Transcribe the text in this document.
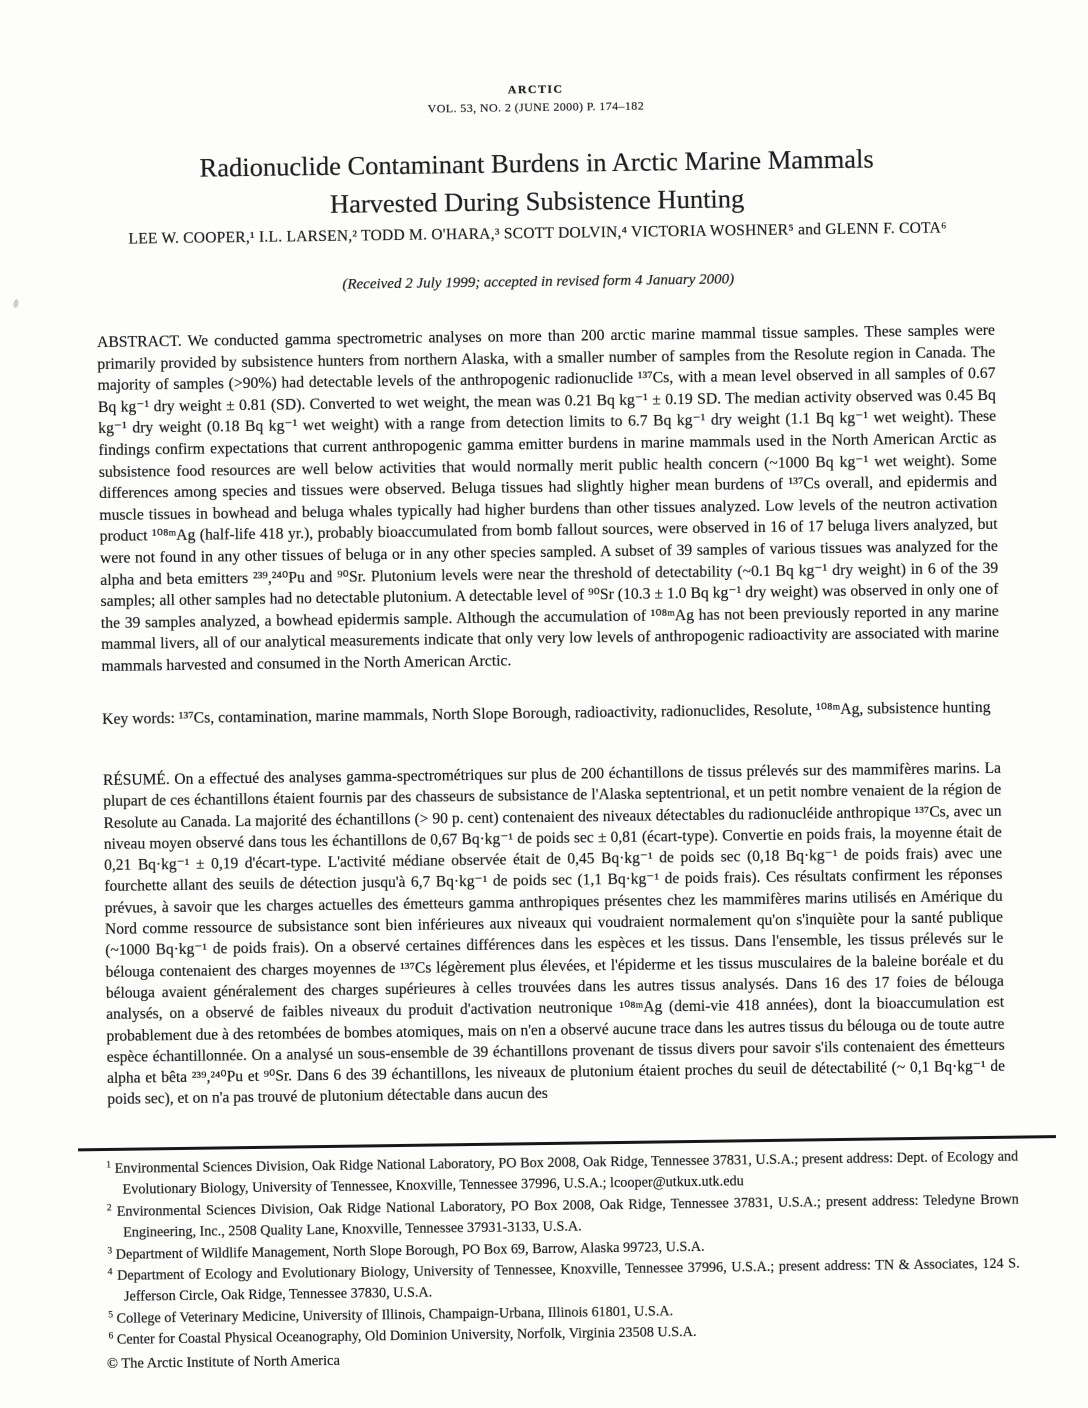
ARCTIC
VOL. 53, NO. 2 (JUNE 2000) P. 174–182
Radionuclide Contaminant Burdens in Arctic Marine Mammals
Harvested During Subsistence Hunting
LEE W. COOPER,¹ I.L. LARSEN,² TODD M. O'HARA,³ SCOTT DOLVIN,⁴ VICTORIA WOSHNER⁵ and GLENN F. COTA⁶
(Received 2 July 1999; accepted in revised form 4 January 2000)
ABSTRACT. We conducted gamma spectrometric analyses on more than 200 arctic marine mammal tissue samples. These samples were primarily provided by subsistence hunters from northern Alaska, with a smaller number of samples from the Resolute region in Canada. The majority of samples (>90%) had detectable levels of the anthropogenic radionuclide ¹³⁷Cs, with a mean level observed in all samples of 0.67 Bq kg⁻¹ dry weight ± 0.81 (SD). Converted to wet weight, the mean was 0.21 Bq kg⁻¹ ± 0.19 SD. The median activity observed was 0.45 Bq kg⁻¹ dry weight (0.18 Bq kg⁻¹ wet weight) with a range from detection limits to 6.7 Bq kg⁻¹ dry weight (1.1 Bq kg⁻¹ wet weight). These findings confirm expectations that current anthropogenic gamma emitter burdens in marine mammals used in the North American Arctic as subsistence food resources are well below activities that would normally merit public health concern (~1000 Bq kg⁻¹ wet weight). Some differences among species and tissues were observed. Beluga tissues had slightly higher mean burdens of ¹³⁷Cs overall, and epidermis and muscle tissues in bowhead and beluga whales typically had higher burdens than other tissues analyzed. Low levels of the neutron activation product ¹⁰⁸ᵐAg (half-life 418 yr.), probably bioaccumulated from bomb fallout sources, were observed in 16 of 17 beluga livers analyzed, but were not found in any other tissues of beluga or in any other species sampled. A subset of 39 samples of various tissues was analyzed for the alpha and beta emitters ²³⁹,²⁴⁰Pu and ⁹⁰Sr. Plutonium levels were near the threshold of detectability (~0.1 Bq kg⁻¹ dry weight) in 6 of the 39 samples; all other samples had no detectable plutonium. A detectable level of ⁹⁰Sr (10.3 ± 1.0 Bq kg⁻¹ dry weight) was observed in only one of the 39 samples analyzed, a bowhead epidermis sample. Although the accumulation of ¹⁰⁸ᵐAg has not been previously reported in any marine mammal livers, all of our analytical measurements indicate that only very low levels of anthropogenic radioactivity are associated with marine mammals harvested and consumed in the North American Arctic.
Key words: ¹³⁷Cs, contamination, marine mammals, North Slope Borough, radioactivity, radionuclides, Resolute, ¹⁰⁸ᵐAg, subsistence hunting
RÉSUMÉ. On a effectué des analyses gamma-spectrométriques sur plus de 200 échantillons de tissus prélevés sur des mammifères marins. La plupart de ces échantillons étaient fournis par des chasseurs de subsistance de l'Alaska septentrional, et un petit nombre venaient de la région de Resolute au Canada. La majorité des échantillons (> 90 p. cent) contenaient des niveaux détectables du radionucléide anthropique ¹³⁷Cs, avec un niveau moyen observé dans tous les échantillons de 0,67 Bq·kg⁻¹ de poids sec ± 0,81 (écart-type). Convertie en poids frais, la moyenne était de 0,21 Bq·kg⁻¹ ± 0,19 d'écart-type. L'activité médiane observée était de 0,45 Bq·kg⁻¹ de poids sec (0,18 Bq·kg⁻¹ de poids frais) avec une fourchette allant des seuils de détection jusqu'à 6,7 Bq·kg⁻¹ de poids sec (1,1 Bq·kg⁻¹ de poids frais). Ces résultats confirment les réponses prévues, à savoir que les charges actuelles des émetteurs gamma anthropiques présentes chez les mammifères marins utilisés en Amérique du Nord comme ressource de subsistance sont bien inférieures aux niveaux qui voudraient normalement qu'on s'inquiète pour la santé publique (~1000 Bq·kg⁻¹ de poids frais). On a observé certaines différences dans les espèces et les tissus. Dans l'ensemble, les tissus prélevés sur le bélouga contenaient des charges moyennes de ¹³⁷Cs légèrement plus élevées, et l'épiderme et les tissus musculaires de la baleine boréale et du bélouga avaient généralement des charges supérieures à celles trouvées dans les autres tissus analysés. Dans 16 des 17 foies de bélouga analysés, on a observé de faibles niveaux du produit d'activation neutronique ¹⁰⁸ᵐAg (demi-vie 418 années), dont la bioaccumulation est probablement due à des retombées de bombes atomiques, mais on n'en a observé aucune trace dans les autres tissus du bélouga ou de toute autre espèce échantillonnée. On a analysé un sous-ensemble de 39 échantillons provenant de tissus divers pour savoir s'ils contenaient des émetteurs alpha et bêta ²³⁹,²⁴⁰Pu et ⁹⁰Sr. Dans 6 des 39 échantillons, les niveaux de plutonium étaient proches du seuil de détectabilité (~ 0,1 Bq·kg⁻¹ de poids sec), et on n'a pas trouvé de plutonium détectable dans aucun des
$^1$ Environmental Sciences Division, Oak Ridge National Laboratory, PO Box 2008, Oak Ridge, Tennessee 37831, U.S.A.; present address: Dept. of Ecology and Evolutionary Biology, University of Tennessee, Knoxville, Tennessee 37996, U.S.A.; lcooper@utkux.utk.edu
$^2$ Environmental Sciences Division, Oak Ridge National Laboratory, PO Box 2008, Oak Ridge, Tennessee 37831, U.S.A.; present address: Teledyne Brown Engineering, Inc., 2508 Quality Lane, Knoxville, Tennessee 37931-3133, U.S.A.
$^3$ Department of Wildlife Management, North Slope Borough, PO Box 69, Barrow, Alaska 99723, U.S.A.
$^4$ Department of Ecology and Evolutionary Biology, University of Tennessee, Knoxville, Tennessee 37996, U.S.A.; present address: TN & Associates, 124 S. Jefferson Circle, Oak Ridge, Tennessee 37830, U.S.A.
$^5$ College of Veterinary Medicine, University of Illinois, Champaign-Urbana, Illinois 61801, U.S.A.
$^6$ Center for Coastal Physical Oceanography, Old Dominion University, Norfolk, Virginia 23508 U.S.A.
© The Arctic Institute of North America
